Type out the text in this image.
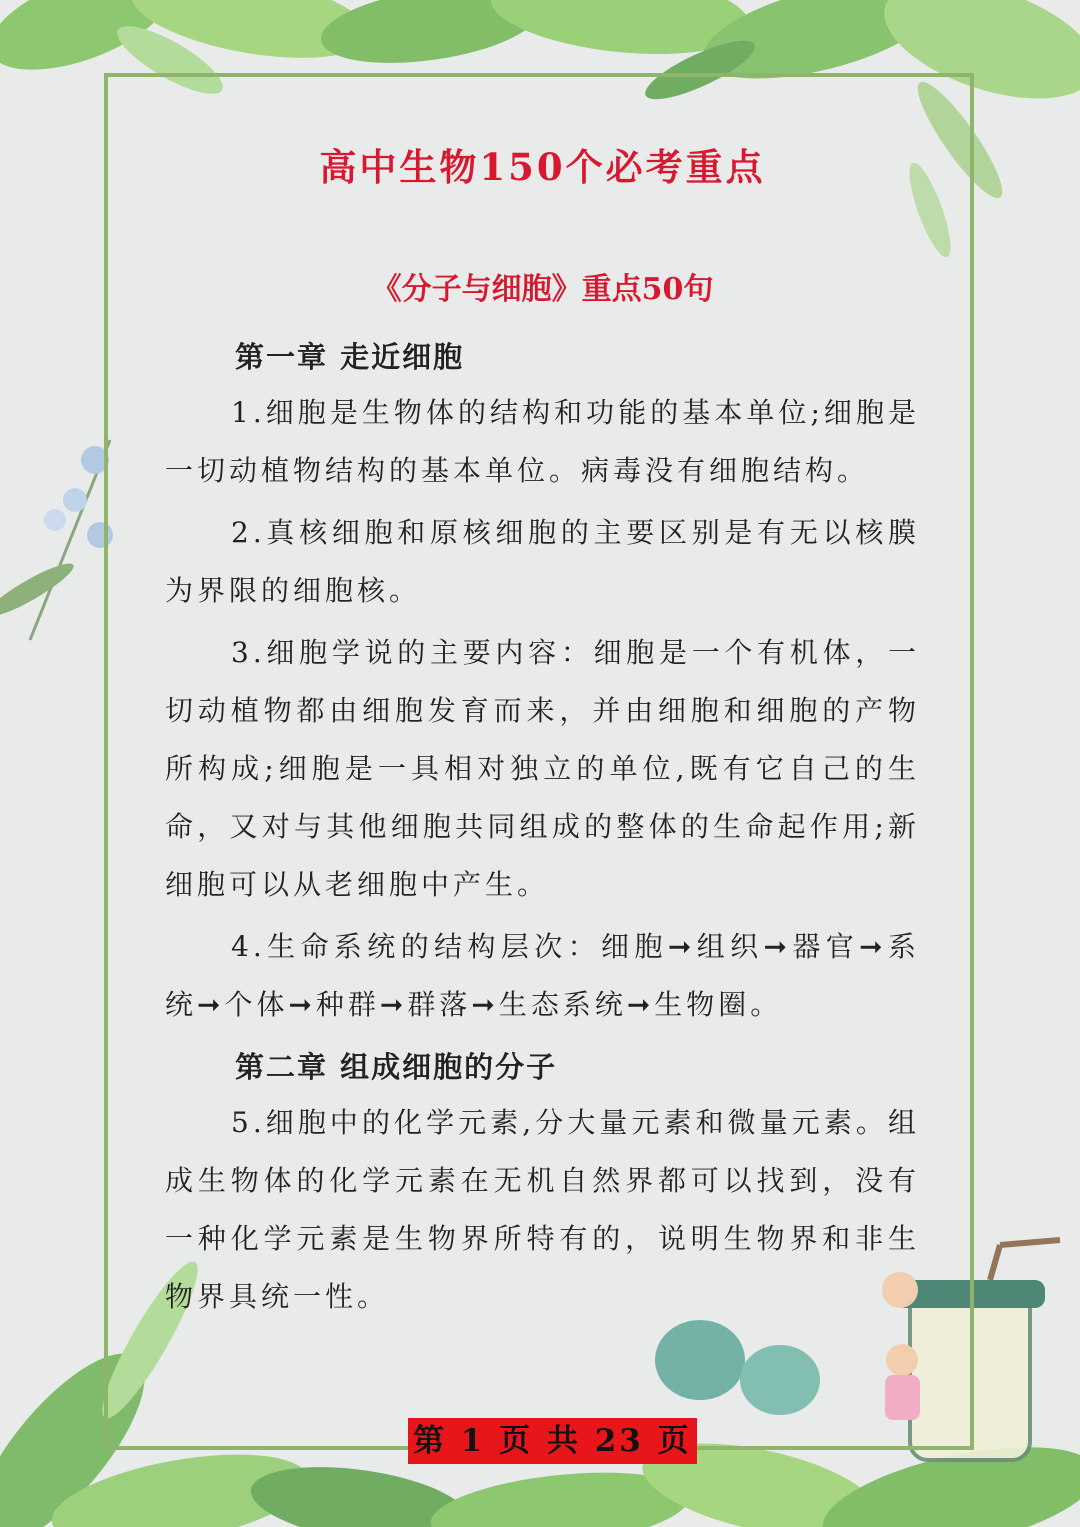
高中生物150个必考重点
《分子与细胞》重点50句

第一章 走近细胞

1.细胞是生物体的结构和功能的基本单位;细胞是一切动植物结构的基本单位。病毒没有细胞结构。

2.真核细胞和原核细胞的主要区别是有无以核膜为界限的细胞核。

3.细胞学说的主要内容：细胞是一个有机体，一切动植物都由细胞发育而来，并由细胞和细胞的产物所构成;细胞是一具相对独立的单位,既有它自己的生命，又对与其他细胞共同组成的整体的生命起作用;新细胞可以从老细胞中产生。

4.生命系统的结构层次：细胞➞组织➞器官➞系统➞个体➞种群➞群落➞生态系统➞生物圈。

第二章 组成细胞的分子

5.细胞中的化学元素,分大量元素和微量元素。组成生物体的化学元素在无机自然界都可以找到，没有一种化学元素是生物界所特有的，说明生物界和非生物界具统一性。

第 1 页 共 23 页
